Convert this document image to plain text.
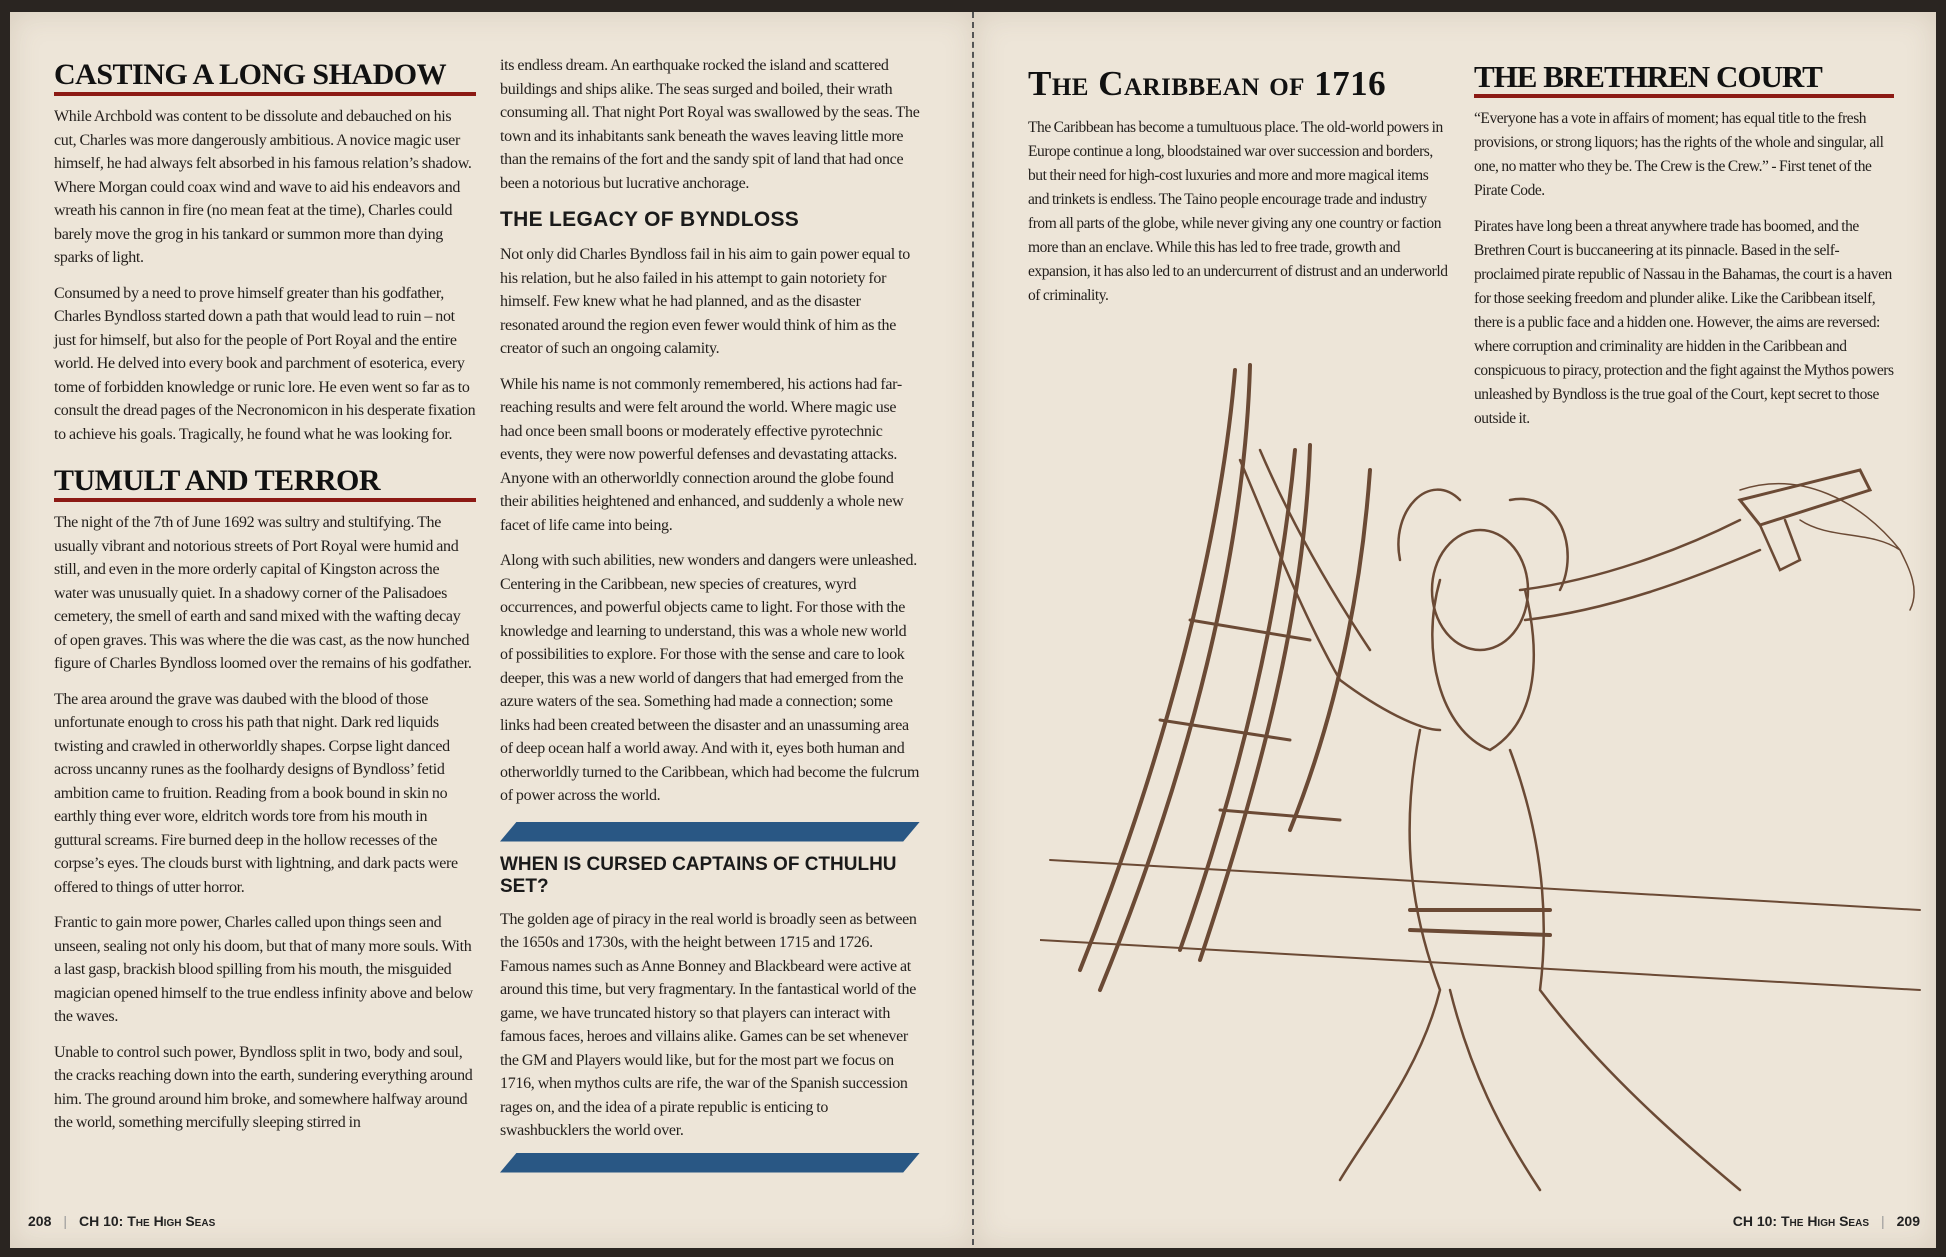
CASTING A LONG SHADOW

While Archbold was content to be dissolute and debauched on his cut, Charles was more dangerously ambitious. A novice magic user himself, he had always felt absorbed in his famous relation’s shadow. Where Morgan could coax wind and wave to aid his endeavors and wreath his cannon in fire (no mean feat at the time), Charles could barely move the grog in his tankard or summon more than dying sparks of light.

Consumed by a need to prove himself greater than his godfather, Charles Byndloss started down a path that would lead to ruin – not just for himself, but also for the people of Port Royal and the entire world. He delved into every book and parchment of esoterica, every tome of forbidden knowledge or runic lore. He even went so far as to consult the dread pages of the Necronomicon in his desperate fixation to achieve his goals. Tragically, he found what he was looking for.

TUMULT AND TERROR

The night of the 7th of June 1692 was sultry and stultifying. The usually vibrant and notorious streets of Port Royal were humid and still, and even in the more orderly capital of Kingston across the water was unusually quiet. In a shadowy corner of the Palisadoes cemetery, the smell of earth and sand mixed with the wafting decay of open graves. This was where the die was cast, as the now hunched figure of Charles Byndloss loomed over the remains of his godfather.

The area around the grave was daubed with the blood of those unfortunate enough to cross his path that night. Dark red liquids twisting and crawled in otherworldly shapes. Corpse light danced across uncanny runes as the foolhardy designs of Byndloss’ fetid ambition came to fruition. Reading from a book bound in skin no earthly thing ever wore, eldritch words tore from his mouth in guttural screams. Fire burned deep in the hollow recesses of the corpse’s eyes. The clouds burst with lightning, and dark pacts were offered to things of utter horror.

Frantic to gain more power, Charles called upon things seen and unseen, sealing not only his doom, but that of many more souls. With a last gasp, brackish blood spilling from his mouth, the misguided magician opened himself to the true endless infinity above and below the waves.

Unable to control such power, Byndloss split in two, body and soul, the cracks reaching down into the earth, sundering everything around him. The ground around him broke, and somewhere halfway around the world, something mercifully sleeping stirred in

its endless dream. An earthquake rocked the island and scattered buildings and ships alike. The seas surged and boiled, their wrath consuming all. That night Port Royal was swallowed by the seas. The town and its inhabitants sank beneath the waves leaving little more than the remains of the fort and the sandy spit of land that had once been a notorious but lucrative anchorage.

THE LEGACY OF BYNDLOSS

Not only did Charles Byndloss fail in his aim to gain power equal to his relation, but he also failed in his attempt to gain notoriety for himself. Few knew what he had planned, and as the disaster resonated around the region even fewer would think of him as the creator of such an ongoing calamity.

While his name is not commonly remembered, his actions had far-reaching results and were felt around the world. Where magic use had once been small boons or moderately effective pyrotechnic events, they were now powerful defenses and devastating attacks. Anyone with an otherworldly connection around the globe found their abilities heightened and enhanced, and suddenly a whole new facet of life came into being.

Along with such abilities, new wonders and dangers were unleashed. Centering in the Caribbean, new species of creatures, wyrd occurrences, and powerful objects came to light. For those with the knowledge and learning to understand, this was a whole new world of possibilities to explore. For those with the sense and care to look deeper, this was a new world of dangers that had emerged from the azure waters of the sea. Something had made a connection; some links had been created between the disaster and an unassuming area of deep ocean half a world away. And with it, eyes both human and otherworldly turned to the Caribbean, which had become the fulcrum of power across the world.

WHEN IS CURSED CAPTAINS OF CTHULHU SET?

The golden age of piracy in the real world is broadly seen as between the 1650s and 1730s, with the height between 1715 and 1726. Famous names such as Anne Bonney and Blackbeard were active at around this time, but very fragmentary. In the fantastical world of the game, we have truncated history so that players can interact with famous faces, heroes and villains alike. Games can be set whenever the GM and Players would like, but for the most part we focus on 1716, when mythos cults are rife, the war of the Spanish succession rages on, and the idea of a pirate republic is enticing to swashbucklers the world over.

The Caribbean of 1716

The Caribbean has become a tumultuous place. The old-world powers in Europe continue a long, bloodstained war over succession and borders, but their need for high-cost luxuries and more and more magical items and trinkets is endless. The Taino people encourage trade and industry from all parts of the globe, while never giving any one country or faction more than an enclave. While this has led to free trade, growth and expansion, it has also led to an undercurrent of distrust and an underworld of criminality.

THE BRETHREN COURT

“Everyone has a vote in affairs of moment; has equal title to the fresh provisions, or strong liquors; has the rights of the whole and singular, all one, no matter who they be. The Crew is the Crew.” - First tenet of the Pirate Code.

Pirates have long been a threat anywhere trade has boomed, and the Brethren Court is buccaneering at its pinnacle. Based in the self-proclaimed pirate republic of Nassau in the Bahamas, the court is a haven for those seeking freedom and plunder alike. Like the Caribbean itself, there is a public face and a hidden one. However, the aims are reversed: where corruption and criminality are hidden in the Caribbean and conspicuous to piracy, protection and the fight against the Mythos powers unleashed by Byndloss is the true goal of the Court, kept secret to those outside it.

208 | CH 10: The High Seas	CH 10: The High Seas | 209
